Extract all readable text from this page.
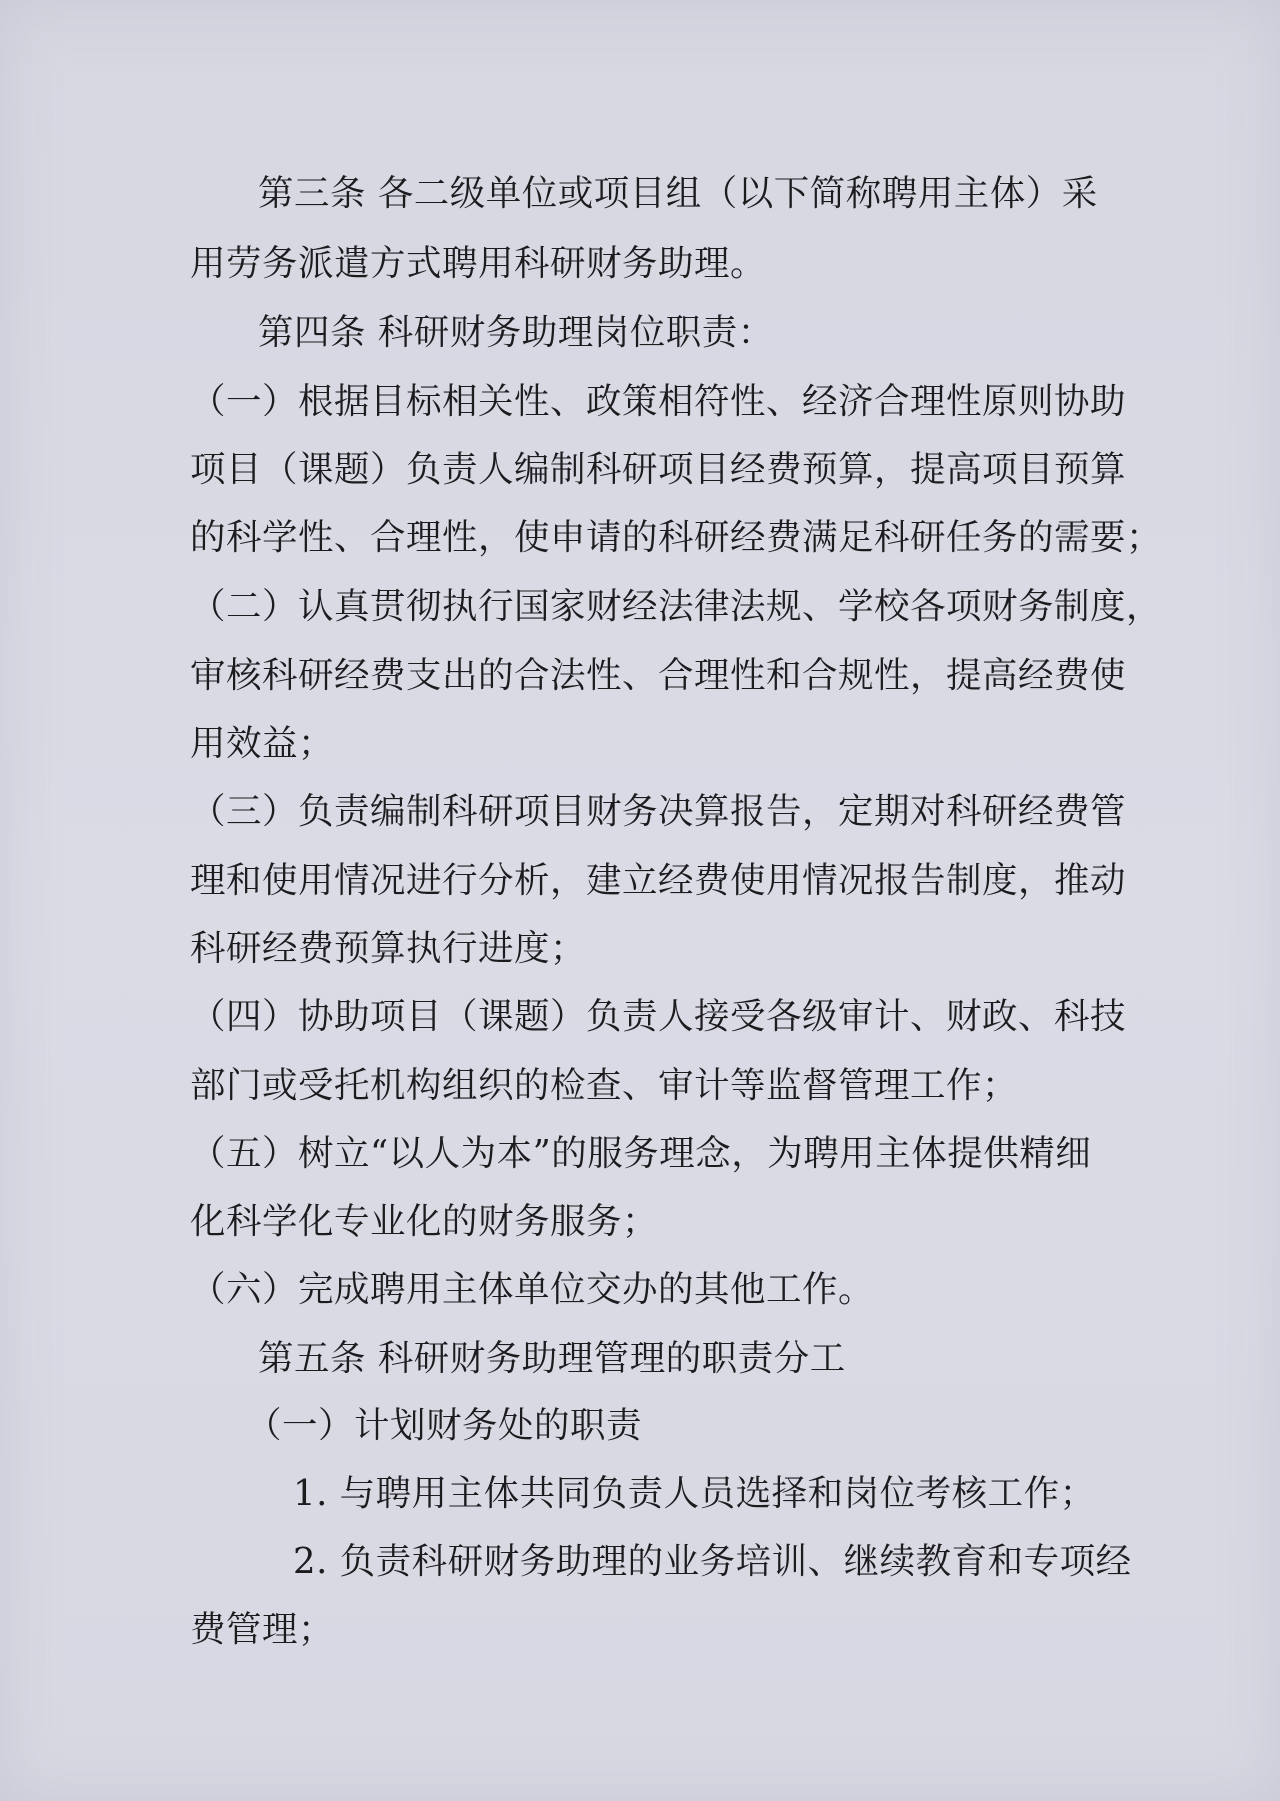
第三条 各二级单位或项目组（以下简称聘用主体）采

用劳务派遣方式聘用科研财务助理。

第四条 科研财务助理岗位职责：

（一）根据目标相关性、政策相符性、经济合理性原则协助

项目（课题）负责人编制科研项目经费预算，提高项目预算

的科学性、合理性，使申请的科研经费满足科研任务的需要；

（二）认真贯彻执行国家财经法律法规、学校各项财务制度，

审核科研经费支出的合法性、合理性和合规性，提高经费使

用效益；

（三）负责编制科研项目财务决算报告，定期对科研经费管

理和使用情况进行分析，建立经费使用情况报告制度，推动

科研经费预算执行进度；

（四）协助项目（课题）负责人接受各级审计、财政、科技

部门或受托机构组织的检查、审计等监督管理工作；

（五）树立“以人为本”的服务理念，为聘用主体提供精细

化科学化专业化的财务服务；

（六）完成聘用主体单位交办的其他工作。

第五条 科研财务助理管理的职责分工

（一）计划财务处的职责

1. 与聘用主体共同负责人员选择和岗位考核工作；

2. 负责科研财务助理的业务培训、继续教育和专项经

费管理；
